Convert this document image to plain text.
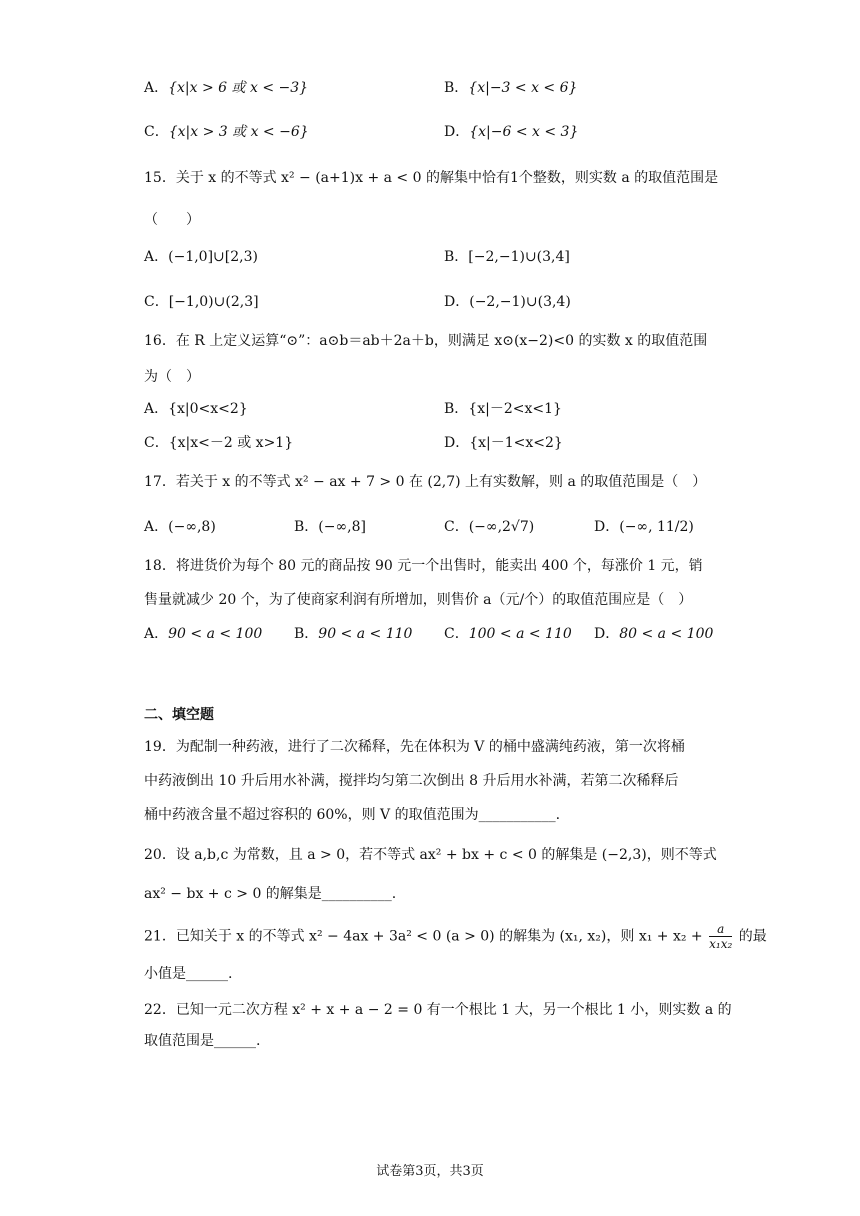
A．{x|x > 6 或 x < −3}	B．{x|−3 < x < 6}
C．{x|x > 3 或 x < −6}	D．{x|−6 < x < 3}
15．关于 x 的不等式 x² − (a+1)x + a < 0 的解集中恰有1个整数，则实数 a 的取值范围是
（　　）
A．(−1,0]∪[2,3)	B．[−2,−1)∪(3,4]
C．[−1,0)∪(2,3]	D．(−2,−1)∪(3,4)
16．在 R 上定义运算“⊙”：a⊙b＝ab＋2a＋b，则满足 x⊙(x−2)<0 的实数 x 的取值范围
为（　）
A．{x|0<x<2}	B．{x|－2<x<1}
C．{x|x<－2 或 x>1}	D．{x|－1<x<2}
17．若关于 x 的不等式 x² − ax + 7 > 0 在 (2,7) 上有实数解，则 a 的取值范围是（　）
A．(−∞,8)	B．(−∞,8]	C．(−∞,2√7)	D．(−∞, 11/2)
18．将进货价为每个 80 元的商品按 90 元一个出售时，能卖出 400 个，每涨价 1 元，销
售量就减少 20 个，为了使商家利润有所增加，则售价 a（元/个）的取值范围应是（　）
A．90 < a < 100 B．90 < a < 110 C．100 < a < 110 D．80 < a < 100
二、填空题
19．为配制一种药液，进行了二次稀释，先在体积为 V 的桶中盛满纯药液，第一次将桶
中药液倒出 10 升后用水补满，搅拌均匀第二次倒出 8 升后用水补满，若第二次稀释后
桶中药液含量不超过容积的 60%，则 V 的取值范围为___________.
20．设 a,b,c 为常数，且 a > 0，若不等式 ax² + bx + c < 0 的解集是 (−2,3)，则不等式
ax² − bx + c > 0 的解集是__________.
21．已知关于 x 的不等式 x² − 4ax + 3a² < 0 (a > 0) 的解集为 (x₁, x₂)，则 $x_1 + x_2 + \frac{a}{\text{x₁x₂}}$ 的最
小值是______.
22．已知一元二次方程 x² + x + a − 2 = 0 有一个根比 1 大，另一个根比 1 小，则实数 a 的
取值范围是______.
试卷第3页，共3页
